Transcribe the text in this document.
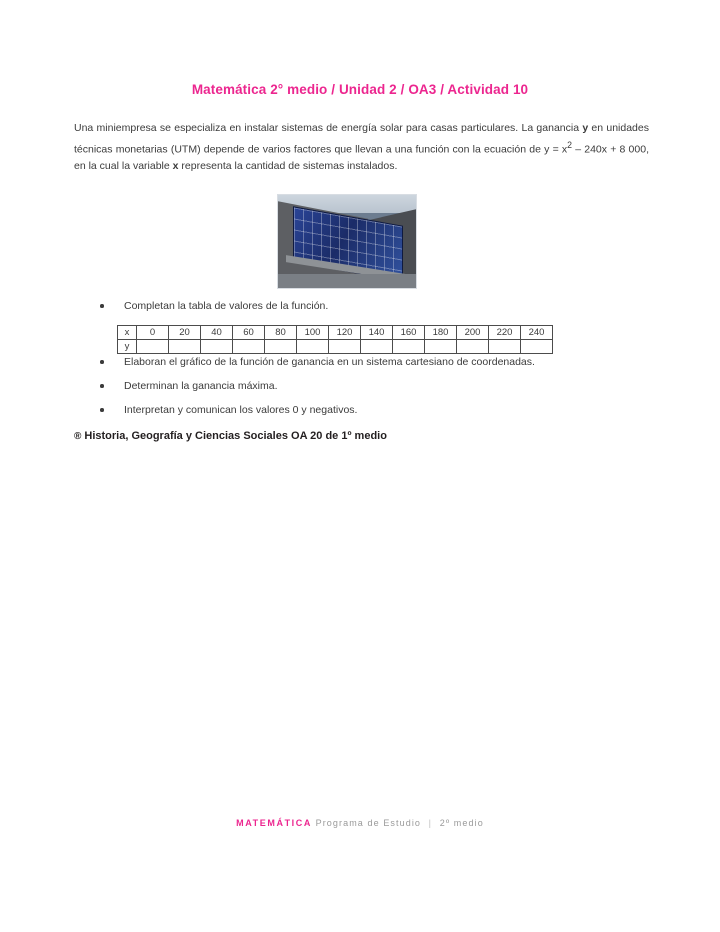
Matemática 2° medio / Unidad 2 / OA3 / Actividad 10
Una miniempresa se especializa en instalar sistemas de energía solar para casas particulares. La ganancia y en unidades técnicas monetarias (UTM) depende de varios factores que llevan a una función con la ecuación de $y = x^2 - 240x + 8$ 000, en la cual la variable x representa la cantidad de sistemas instalados.
Completan la tabla de valores de la función.
x	0	20	40	60	80	100	120	140	160	180	200	220	240
y													
Elaboran el gráfico de la función de ganancia en un sistema cartesiano de coordenadas.
Determinan la ganancia máxima.
Interpretan y comunican los valores 0 y negativos.
® Historia, Geografía y Ciencias Sociales OA 20 de 1º medio
MATEMÁTICA Programa de Estudio | 2º medio
